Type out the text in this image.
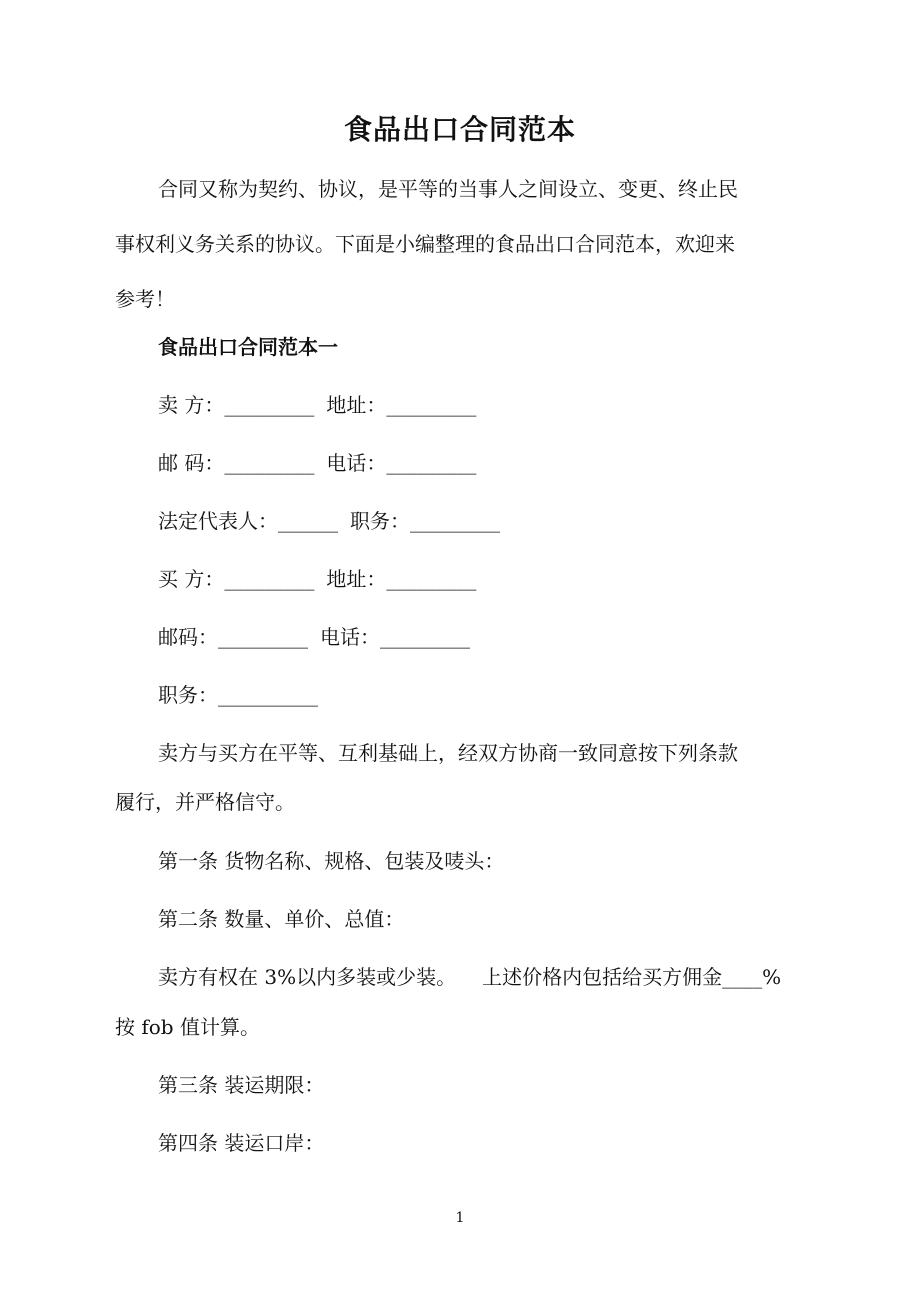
食品出口合同范本
合同又称为契约、协议，是平等的当事人之间设立、变更、终止民
事权利义务关系的协议。下面是小编整理的食品出口合同范本，欢迎来
参考！
食品出口合同范本一
卖 方：_________ 地址：_________
邮 码：_________ 电话：_________
法定代表人：______ 职务：_________
买 方：_________ 地址：_________
邮码：_________ 电话：_________
职务：__________
卖方与买方在平等、互利基础上，经双方协商一致同意按下列条款
履行，并严格信守。
第一条 货物名称、规格、包装及唛头：
第二条 数量、单价、总值：
卖方有权在 3%以内多装或少装。 上述价格内包括给买方佣金____%
按 fob 值计算。
第三条 装运期限：
第四条 装运口岸：
1
